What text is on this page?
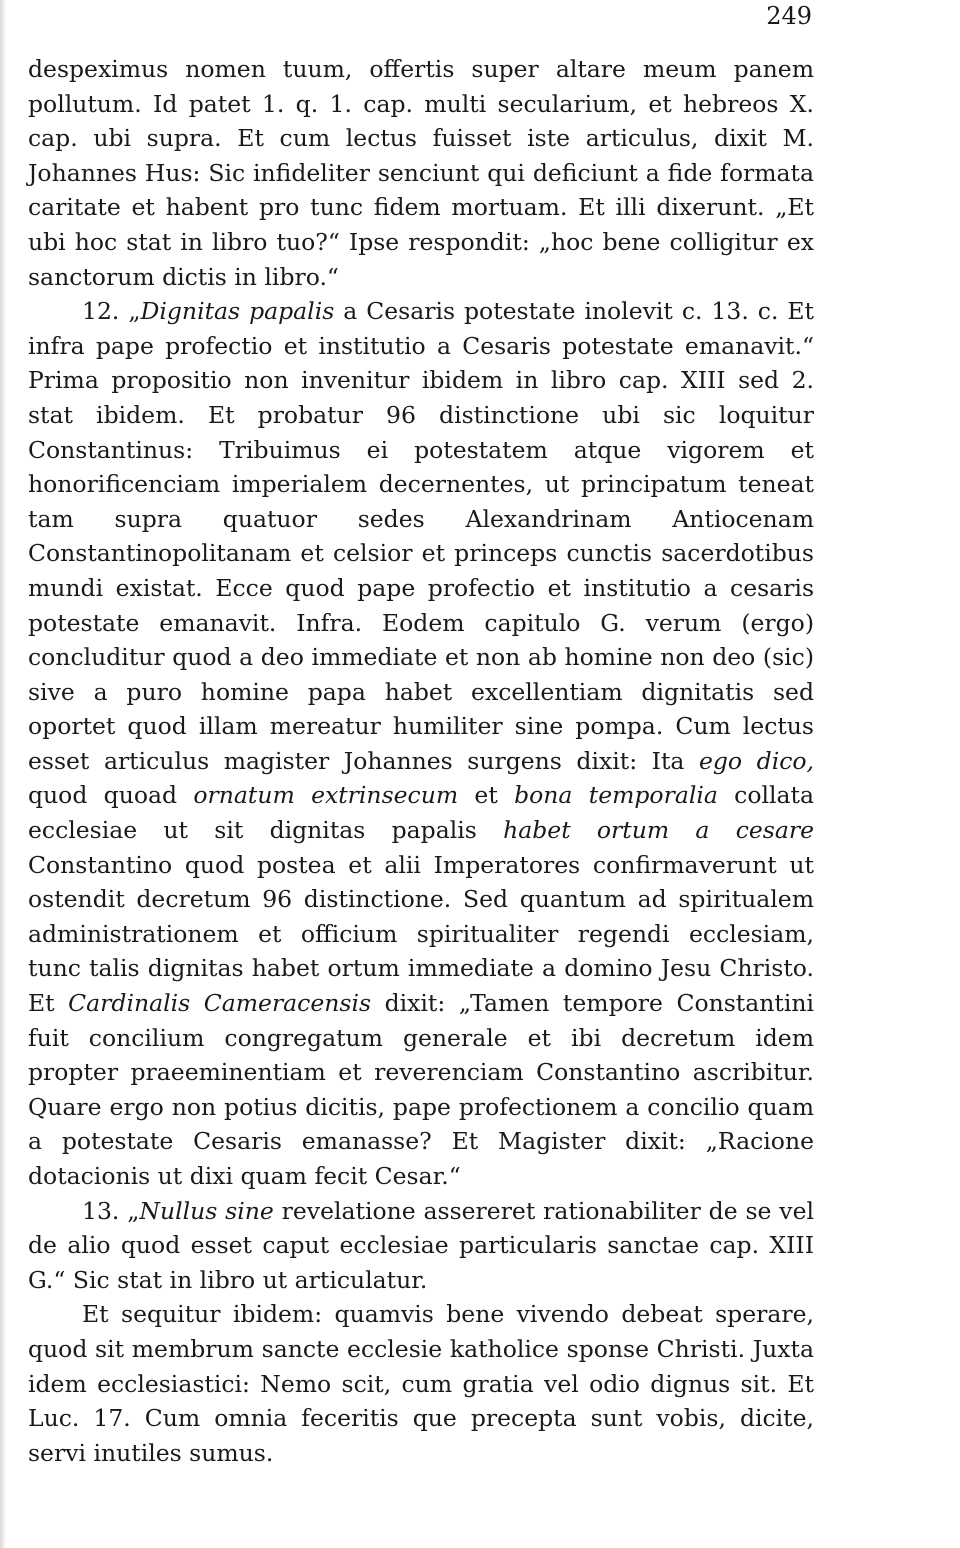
249

despeximus nomen tuum, offertis super altare meum panem pollutum. Id patet 1. q. 1. cap. multi secularium, et hebreos X. cap. ubi supra. Et cum lectus fuisset iste articulus, dixit M. Johannes Hus: Sic infideliter senciunt qui deficiunt a fide formata caritate et habent pro tunc fidem mortuam. Et illi dixerunt. „Et ubi hoc stat in libro tuo?“ Ipse respondit: „hoc bene colligitur ex sanctorum dictis in libro.“

12. „Dignitas papalis a Cesaris potestate inolevit c. 13. c. Et infra pape profectio et institutio a Cesaris potestate emanavit.“ Prima propositio non invenitur ibidem in libro cap. XIII sed 2. stat ibidem. Et probatur 96 distinctione ubi sic loquitur Constantinus: Tribuimus ei potestatem atque vigorem et honorificenciam imperialem decernentes, ut principatum teneat tam supra quatuor sedes Alexandrinam Antiocenam Constantinopolitanam et celsior et princeps cunctis sacerdotibus mundi existat. Ecce quod pape profectio et institutio a cesaris potestate emanavit. Infra. Eodem capitulo G. verum (ergo) concluditur quod a deo immediate et non ab homine non deo (sic) sive a puro homine papa habet excellentiam dignitatis sed oportet quod illam mereatur humiliter sine pompa. Cum lectus esset articulus magister Johannes surgens dixit: Ita ego dico, quod quoad ornatum extrinsecum et bona temporalia collata ecclesiae ut sit dignitas papalis habet ortum a cesare Constantino quod postea et alii Imperatores confirmaverunt ut ostendit decretum 96 distinctione. Sed quantum ad spiritualem administrationem et officium spiritualiter regendi ecclesiam, tunc talis dignitas habet ortum immediate a domino Jesu Christo. Et Cardinalis Cameracensis dixit: „Tamen tempore Constantini fuit concilium congregatum generale et ibi decretum idem propter praeeminentiam et reverenciam Constantino ascribitur. Quare ergo non potius dicitis, pape profectionem a concilio quam a potestate Cesaris emanasse? Et Magister dixit: „Racione dotacionis ut dixi quam fecit Cesar.“

13. „Nullus sine revelatione assereret rationabiliter de se vel de alio quod esset caput ecclesiae particularis sanctae cap. XIII G.“ Sic stat in libro ut articulatur.

Et sequitur ibidem: quamvis bene vivendo debeat sperare, quod sit membrum sancte ecclesie katholice sponse Christi. Juxta idem ecclesiastici: Nemo scit, cum gratia vel odio dignus sit. Et Luc. 17. Cum omnia feceritis que precepta sunt vobis, dicite, servi inutiles sumus.
